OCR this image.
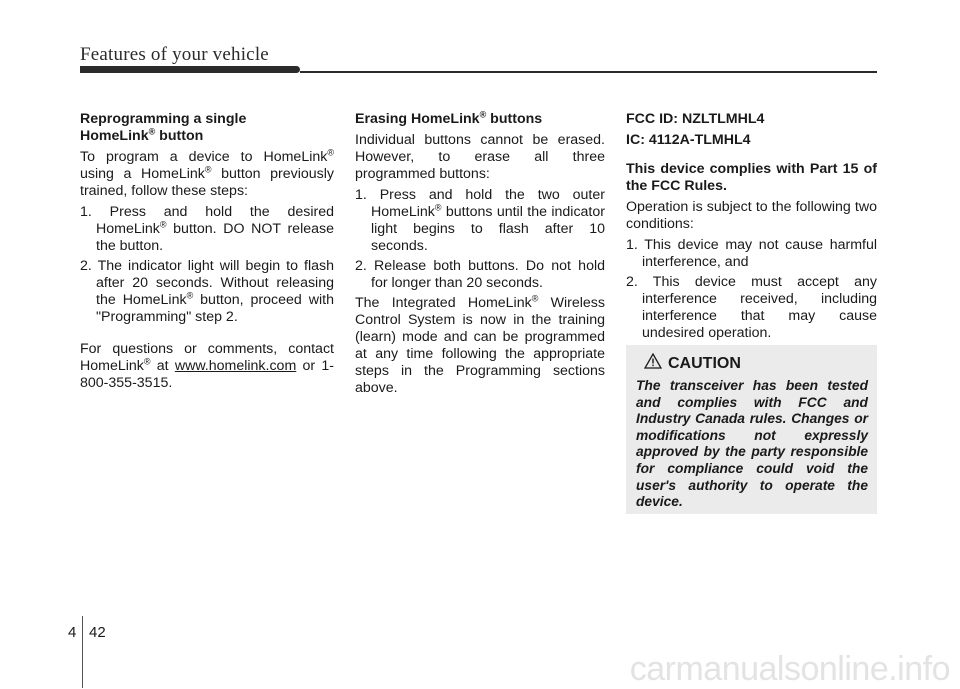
Features of your vehicle
Reprogramming a single
HomeLink® button

To program a device to HomeLink® using a HomeLink® button previously trained, follow these steps:

1. Press and hold the desired HomeLink® button. DO NOT release the button.
2. The indicator light will begin to flash after 20 seconds. Without releasing the HomeLink® button, proceed with "Programming" step 2.

For questions or comments, contact HomeLink® at www.homelink.com or 1-800-355-3515.

Erasing HomeLink® buttons

Individual buttons cannot be erased. However, to erase all three programmed buttons:

1. Press and hold the two outer HomeLink® buttons until the indicator light begins to flash after 10 seconds.
2. Release both buttons. Do not hold for longer than 20 seconds.

The Integrated HomeLink® Wireless Control System is now in the training (learn) mode and can be programmed at any time following the appropriate steps in the Programming sections above.

FCC ID: NZLTLMHL4
IC: 4112A-TLMHL4

This device complies with Part 15 of the FCC Rules.

Operation is subject to the following two conditions:

1. This device may not cause harmful interference, and
2. This device must accept any interference received, including interference that may cause undesired operation.
CAUTION
The transceiver has been tested and complies with FCC and Industry Canada rules. Changes or modifications not expressly approved by the party responsible for compliance could void the user's authority to operate the device.
4 42
carmanualsonline.info
